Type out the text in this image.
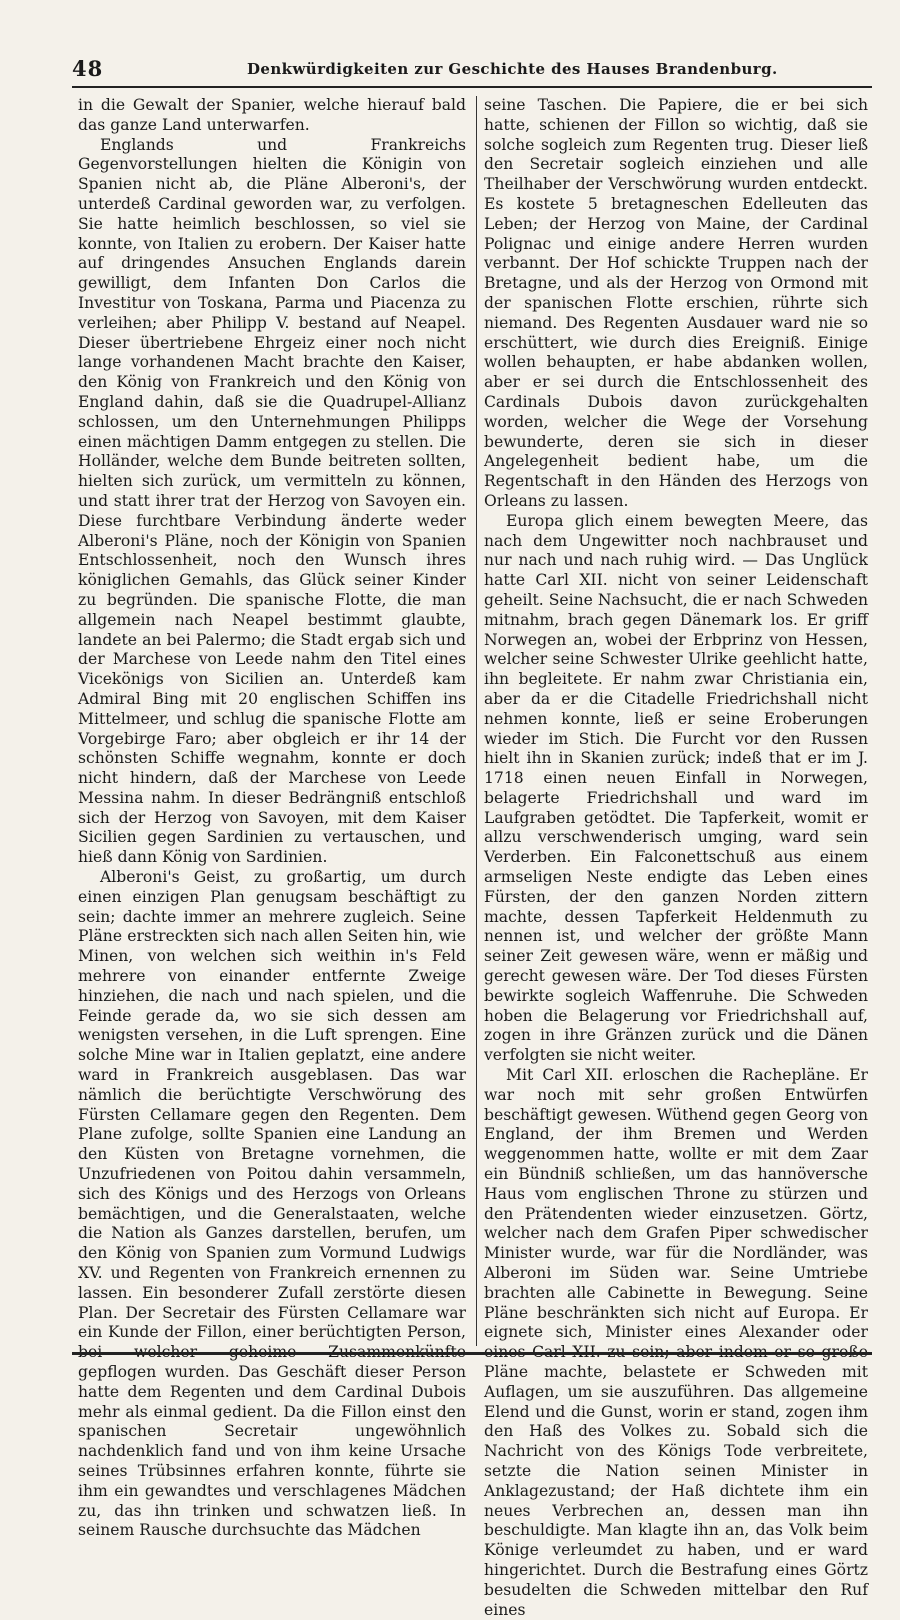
48	Denkwürdigkeiten zur Geschichte des Hauses Brandenburg.

in die Gewalt der Spanier, welche hierauf bald das ganze Land unterwarfen.

Englands und Frankreichs Gegenvorstellungen hielten die Königin von Spanien nicht ab, die Pläne Alberoni's, der unterdeß Cardinal geworden war, zu verfolgen. Sie hatte heimlich beschlossen, so viel sie konnte, von Italien zu erobern. Der Kaiser hatte auf dringendes Ansuchen Englands darein gewilligt, dem Infanten Don Carlos die Investitur von Toskana, Parma und Piacenza zu verleihen; aber Philipp V. bestand auf Neapel. Dieser übertriebene Ehrgeiz einer noch nicht lange vorhandenen Macht brachte den Kaiser, den König von Frankreich und den König von England dahin, daß sie die Quadrupel-Allianz schlossen, um den Unternehmungen Philipps einen mächtigen Damm entgegen zu stellen. Die Holländer, welche dem Bunde beitreten sollten, hielten sich zurück, um vermitteln zu können, und statt ihrer trat der Herzog von Savoyen ein. Diese furchtbare Verbindung änderte weder Alberoni's Pläne, noch der Königin von Spanien Entschlossenheit, noch den Wunsch ihres königlichen Gemahls, das Glück seiner Kinder zu begründen. Die spanische Flotte, die man allgemein nach Neapel bestimmt glaubte, landete an bei Palermo; die Stadt ergab sich und der Marchese von Leede nahm den Titel eines Vicekönigs von Sicilien an. Unterdeß kam Admiral Bing mit 20 englischen Schiffen ins Mittelmeer, und schlug die spanische Flotte am Vorgebirge Faro; aber obgleich er ihr 14 der schönsten Schiffe wegnahm, konnte er doch nicht hindern, daß der Marchese von Leede Messina nahm. In dieser Bedrängniß entschloß sich der Herzog von Savoyen, mit dem Kaiser Sicilien gegen Sardinien zu vertauschen, und hieß dann König von Sardinien.

Alberoni's Geist, zu großartig, um durch einen einzigen Plan genugsam beschäftigt zu sein; dachte immer an mehrere zugleich. Seine Pläne erstreckten sich nach allen Seiten hin, wie Minen, von welchen sich weithin in's Feld mehrere von einander entfernte Zweige hinziehen, die nach und nach spielen, und die Feinde gerade da, wo sie sich dessen am wenigsten versehen, in die Luft sprengen. Eine solche Mine war in Italien geplatzt, eine andere ward in Frankreich ausgeblasen. Das war nämlich die berüchtigte Verschwörung des Fürsten Cellamare gegen den Regenten. Dem Plane zufolge, sollte Spanien eine Landung an den Küsten von Bretagne vornehmen, die Unzufriedenen von Poitou dahin versammeln, sich des Königs und des Herzogs von Orleans bemächtigen, und die Generalstaaten, welche die Nation als Ganzes darstellen, berufen, um den König von Spanien zum Vormund Ludwigs XV. und Regenten von Frankreich ernennen zu lassen. Ein besonderer Zufall zerstörte diesen Plan. Der Secretair des Fürsten Cellamare war ein Kunde der Fillon, einer berüchtigten Person, bei welcher geheime Zusammenkünfte gepflogen wurden. Das Geschäft dieser Person hatte dem Regenten und dem Cardinal Dubois mehr als einmal gedient. Da die Fillon einst den spanischen Secretair ungewöhnlich nachdenklich fand und von ihm keine Ursache seines Trübsinnes erfahren konnte, führte sie ihm ein gewandtes und verschlagenes Mädchen zu, das ihn trinken und schwatzen ließ. In seinem Rausche durchsuchte das Mädchen

seine Taschen. Die Papiere, die er bei sich hatte, schienen der Fillon so wichtig, daß sie solche sogleich zum Regenten trug. Dieser ließ den Secretair sogleich einziehen und alle Theilhaber der Verschwörung wurden entdeckt. Es kostete 5 bretagneschen Edelleuten das Leben; der Herzog von Maine, der Cardinal Polignac und einige andere Herren wurden verbannt. Der Hof schickte Truppen nach der Bretagne, und als der Herzog von Ormond mit der spanischen Flotte erschien, rührte sich niemand. Des Regenten Ausdauer ward nie so erschüttert, wie durch dies Ereigniß. Einige wollen behaupten, er habe abdanken wollen, aber er sei durch die Entschlossenheit des Cardinals Dubois davon zurückgehalten worden, welcher die Wege der Vorsehung bewunderte, deren sie sich in dieser Angelegenheit bedient habe, um die Regentschaft in den Händen des Herzogs von Orleans zu lassen.

Europa glich einem bewegten Meere, das nach dem Ungewitter noch nachbrauset und nur nach und nach ruhig wird. — Das Unglück hatte Carl XII. nicht von seiner Leidenschaft geheilt. Seine Nachsucht, die er nach Schweden mitnahm, brach gegen Dänemark los. Er griff Norwegen an, wobei der Erbprinz von Hessen, welcher seine Schwester Ulrike geehlicht hatte, ihn begleitete. Er nahm zwar Christiania ein, aber da er die Citadelle Friedrichshall nicht nehmen konnte, ließ er seine Eroberungen wieder im Stich. Die Furcht vor den Russen hielt ihn in Skanien zurück; indeß that er im J. 1718 einen neuen Einfall in Norwegen, belagerte Friedrichshall und ward im Laufgraben getödtet. Die Tapferkeit, womit er allzu verschwenderisch umging, ward sein Verderben. Ein Falconettschuß aus einem armseligen Neste endigte das Leben eines Fürsten, der den ganzen Norden zittern machte, dessen Tapferkeit Heldenmuth zu nennen ist, und welcher der größte Mann seiner Zeit gewesen wäre, wenn er mäßig und gerecht gewesen wäre. Der Tod dieses Fürsten bewirkte sogleich Waffenruhe. Die Schweden hoben die Belagerung vor Friedrichshall auf, zogen in ihre Gränzen zurück und die Dänen verfolgten sie nicht weiter.

Mit Carl XII. erloschen die Rachepläne. Er war noch mit sehr großen Entwürfen beschäftigt gewesen. Wüthend gegen Georg von England, der ihm Bremen und Werden weggenommen hatte, wollte er mit dem Zaar ein Bündniß schließen, um das hannöversche Haus vom englischen Throne zu stürzen und den Prätendenten wieder einzusetzen. Görtz, welcher nach dem Grafen Piper schwedischer Minister wurde, war für die Nordländer, was Alberoni im Süden war. Seine Umtriebe brachten alle Cabinette in Bewegung. Seine Pläne beschränkten sich nicht auf Europa. Er eignete sich, Minister eines Alexander oder eines Carl XII. zu sein; aber indem er so große Pläne machte, belastete er Schweden mit Auflagen, um sie auszuführen. Das allgemeine Elend und die Gunst, worin er stand, zogen ihm den Haß des Volkes zu. Sobald sich die Nachricht von des Königs Tode verbreitete, setzte die Nation seinen Minister in Anklagezustand; der Haß dichtete ihm ein neues Verbrechen an, dessen man ihn beschuldigte. Man klagte ihn an, das Volk beim Könige verleumdet zu haben, und er ward hingerichtet. Durch die Bestrafung eines Görtz besudelten die Schweden mittelbar den Ruf eines
